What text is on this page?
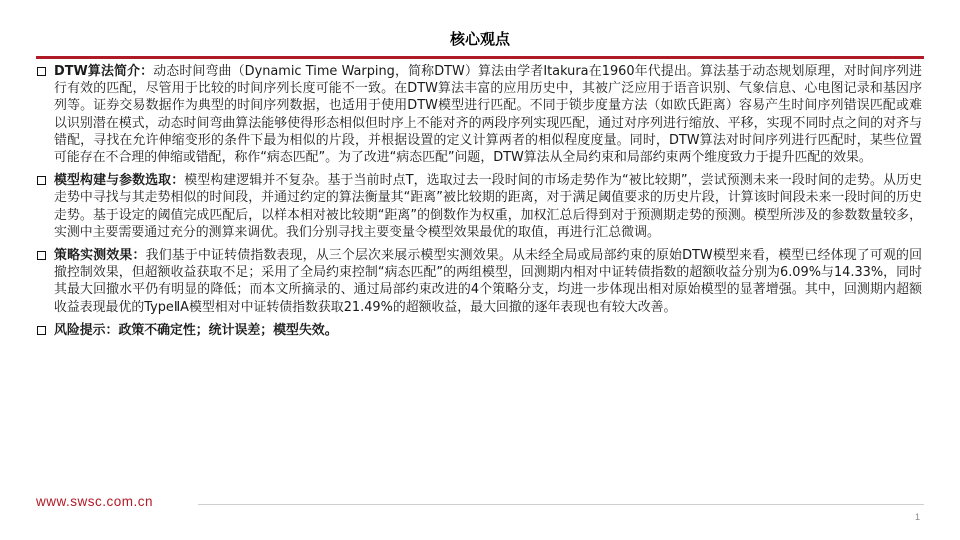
核心观点
DTW算法简介：动态时间弯曲（Dynamic Time Warping，简称DTW）算法由学者Itakura在1960年代提出。算法基于动态规划原理，对时间序列进行有效的匹配，尽管用于比较的时间序列长度可能不一致。在DTW算法丰富的应用历史中，其被广泛应用于语音识别、气象信息、心电图记录和基因序列等。证券交易数据作为典型的时间序列数据，也适用于使用DTW模型进行匹配。不同于锁步度量方法（如欧氏距离）容易产生时间序列错误匹配或难以识别潜在模式，动态时间弯曲算法能够使得形态相似但时序上不能对齐的两段序列实现匹配，通过对序列进行缩放、平移，实现不同时点之间的对齐与错配，寻找在允许伸缩变形的条件下最为相似的片段，并根据设置的定义计算两者的相似程度度量。同时，DTW算法对时间序列进行匹配时，某些位置可能存在不合理的伸缩或错配，称作“病态匹配”。为了改进“病态匹配”问题，DTW算法从全局约束和局部约束两个维度致力于提升匹配的效果。
模型构建与参数选取：模型构建逻辑并不复杂。基于当前时点T，选取过去一段时间的市场走势作为“被比较期”，尝试预测未来一段时间的走势。从历史走势中寻找与其走势相似的时间段，并通过约定的算法衡量其“距离”被比较期的距离，对于满足阈值要求的历史片段，计算该时间段未来一段时间的历史走势。基于设定的阈值完成匹配后，以样本相对被比较期“距离”的倒数作为权重，加权汇总后得到对于预测期走势的预测。模型所涉及的参数数量较多，实测中主要需要通过充分的测算来调优。我们分别寻找主要变量令模型效果最优的取值，再进行汇总微调。
策略实测效果：我们基于中证转债指数表现，从三个层次来展示模型实测效果。从未经全局或局部约束的原始DTW模型来看，模型已经体现了可观的回撤控制效果，但超额收益获取不足；采用了全局约束控制“病态匹配”的两组模型，回测期内相对中证转债指数的超额收益分别为6.09%与14.33%，同时其最大回撤水平仍有明显的降低；而本文所摘录的、通过局部约束改进的4个策略分支，均进一步体现出相对原始模型的显著增强。其中，回测期内超额收益表现最优的TypeⅡA模型相对中证转债指数获取21.49%的超额收益，最大回撤的逐年表现也有较大改善。
风险提示：政策不确定性；统计误差；模型失效。
www.swsc.com.cn
1
